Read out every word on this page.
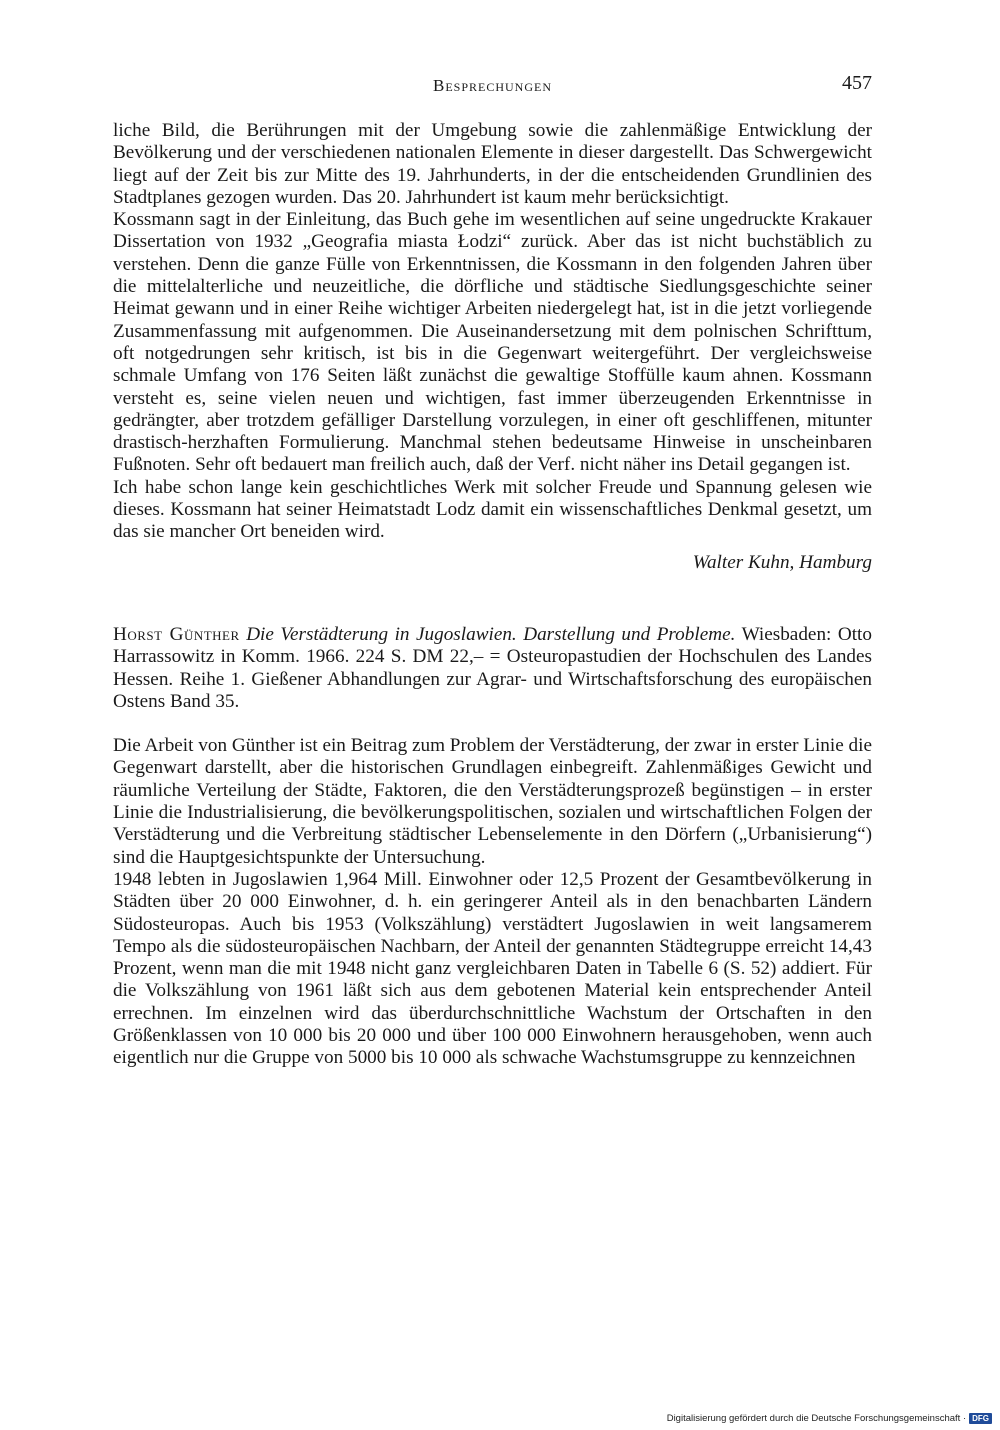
Besprechungen	457

liche Bild, die Berührungen mit der Umgebung sowie die zahlenmäßige Entwicklung der Bevölkerung und der verschiedenen nationalen Elemente in dieser dargestellt. Das Schwergewicht liegt auf der Zeit bis zur Mitte des 19. Jahrhunderts, in der die entscheidenden Grundlinien des Stadtplanes gezogen wurden. Das 20. Jahrhundert ist kaum mehr berücksichtigt.

Kossmann sagt in der Einleitung, das Buch gehe im wesentlichen auf seine ungedruckte Krakauer Dissertation von 1932 „Geografia miasta Łodzi“ zurück. Aber das ist nicht buchstäblich zu verstehen. Denn die ganze Fülle von Erkenntnissen, die Kossmann in den folgenden Jahren über die mittelalterliche und neuzeitliche, die dörfliche und städtische Siedlungsgeschichte seiner Heimat gewann und in einer Reihe wichtiger Arbeiten niedergelegt hat, ist in die jetzt vorliegende Zusammenfassung mit aufgenommen. Die Auseinandersetzung mit dem polnischen Schrifttum, oft notgedrungen sehr kritisch, ist bis in die Gegenwart weitergeführt. Der vergleichsweise schmale Umfang von 176 Seiten läßt zunächst die gewaltige Stoffülle kaum ahnen. Kossmann versteht es, seine vielen neuen und wichtigen, fast immer überzeugenden Erkenntnisse in gedrängter, aber trotzdem gefälliger Darstellung vorzulegen, in einer oft geschliffenen, mitunter drastisch-herzhaften Formulierung. Manchmal stehen bedeutsame Hinweise in unscheinbaren Fußnoten. Sehr oft bedauert man freilich auch, daß der Verf. nicht näher ins Detail gegangen ist.

Ich habe schon lange kein geschichtliches Werk mit solcher Freude und Spannung gelesen wie dieses. Kossmann hat seiner Heimatstadt Lodz damit ein wissenschaftliches Denkmal gesetzt, um das sie mancher Ort beneiden wird.

Walter Kuhn, Hamburg

Horst Günther Die Verstädterung in Jugoslawien. Darstellung und Probleme. Wiesbaden: Otto Harrassowitz in Komm. 1966. 224 S. DM 22,– = Osteuropastudien der Hochschulen des Landes Hessen. Reihe 1. Gießener Abhandlungen zur Agrar- und Wirtschaftsforschung des europäischen Ostens Band 35.

Die Arbeit von Günther ist ein Beitrag zum Problem der Verstädterung, der zwar in erster Linie die Gegenwart darstellt, aber die historischen Grundlagen einbegreift. Zahlenmäßiges Gewicht und räumliche Verteilung der Städte, Faktoren, die den Verstädterungsprozeß begünstigen – in erster Linie die Industrialisierung, die bevölkerungspolitischen, sozialen und wirtschaftlichen Folgen der Verstädterung und die Verbreitung städtischer Lebenselemente in den Dörfern („Urbanisierung“) sind die Hauptgesichtspunkte der Untersuchung.

1948 lebten in Jugoslawien 1,964 Mill. Einwohner oder 12,5 Prozent der Gesamtbevölkerung in Städten über 20 000 Einwohner, d. h. ein geringerer Anteil als in den benachbarten Ländern Südosteuropas. Auch bis 1953 (Volkszählung) verstädtert Jugoslawien in weit langsamerem Tempo als die südosteuropäischen Nachbarn, der Anteil der genannten Städtegruppe erreicht 14,43 Prozent, wenn man die mit 1948 nicht ganz vergleichbaren Daten in Tabelle 6 (S. 52) addiert. Für die Volkszählung von 1961 läßt sich aus dem gebotenen Material kein entsprechender Anteil errechnen. Im einzelnen wird das überdurchschnittliche Wachstum der Ortschaften in den Größenklassen von 10 000 bis 20 000 und über 100 000 Einwohnern herausgehoben, wenn auch eigentlich nur die Gruppe von 5000 bis 10 000 als schwache Wachstumsgruppe zu kennzeichnen

Digitalisierung gefördert durch die Deutsche Forschungsgemeinschaft · DFG
